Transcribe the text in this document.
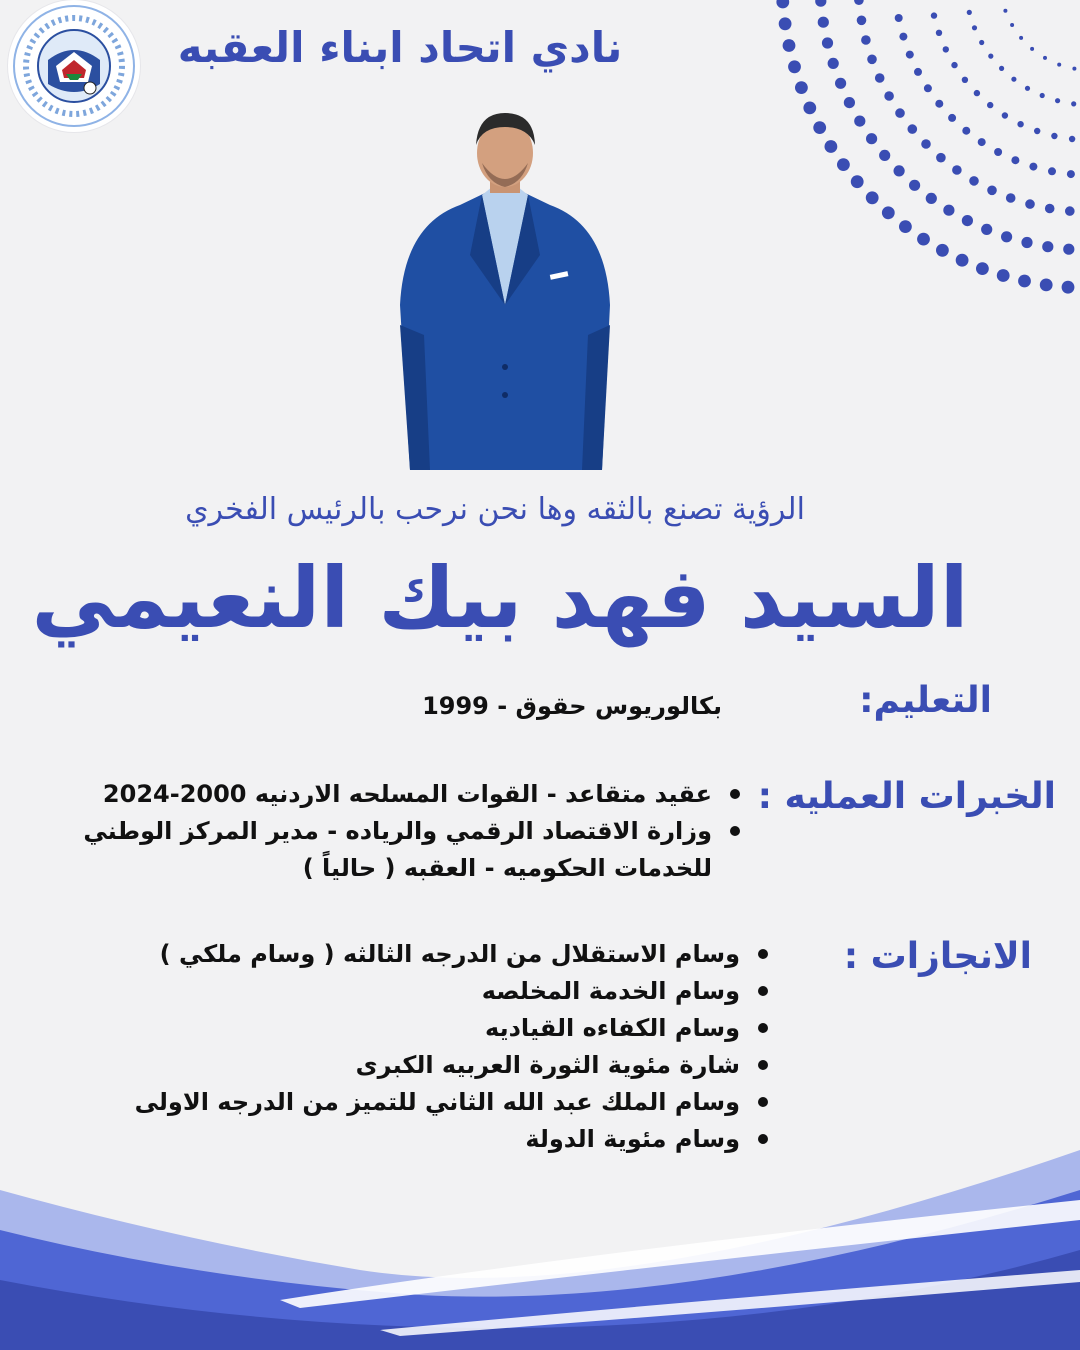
نادي اتحاد ابناء العقبه
الرؤية تصنع بالثقه وها نحن نرحب بالرئيس الفخري
السيد فهد بيك النعيمي
التعليم:
بكالوريوس حقوق - 1999
الخبرات العمليه :
عقيد متقاعد - القوات المسلحه الاردنيه 2000-2024
وزارة الاقتصاد الرقمي والرياده - مدير المركز الوطني للخدمات الحكوميه - العقبه ( حالياً )
الانجازات :
وسام الاستقلال من الدرجه الثالثه ( وسام ملكي )
وسام الخدمة المخلصه
وسام الكفاءه القياديه
شارة مئوية الثورة العربيه الكبرى
وسام الملك عبد الله الثاني للتميز من الدرجه الاولى
وسام مئوية الدولة
